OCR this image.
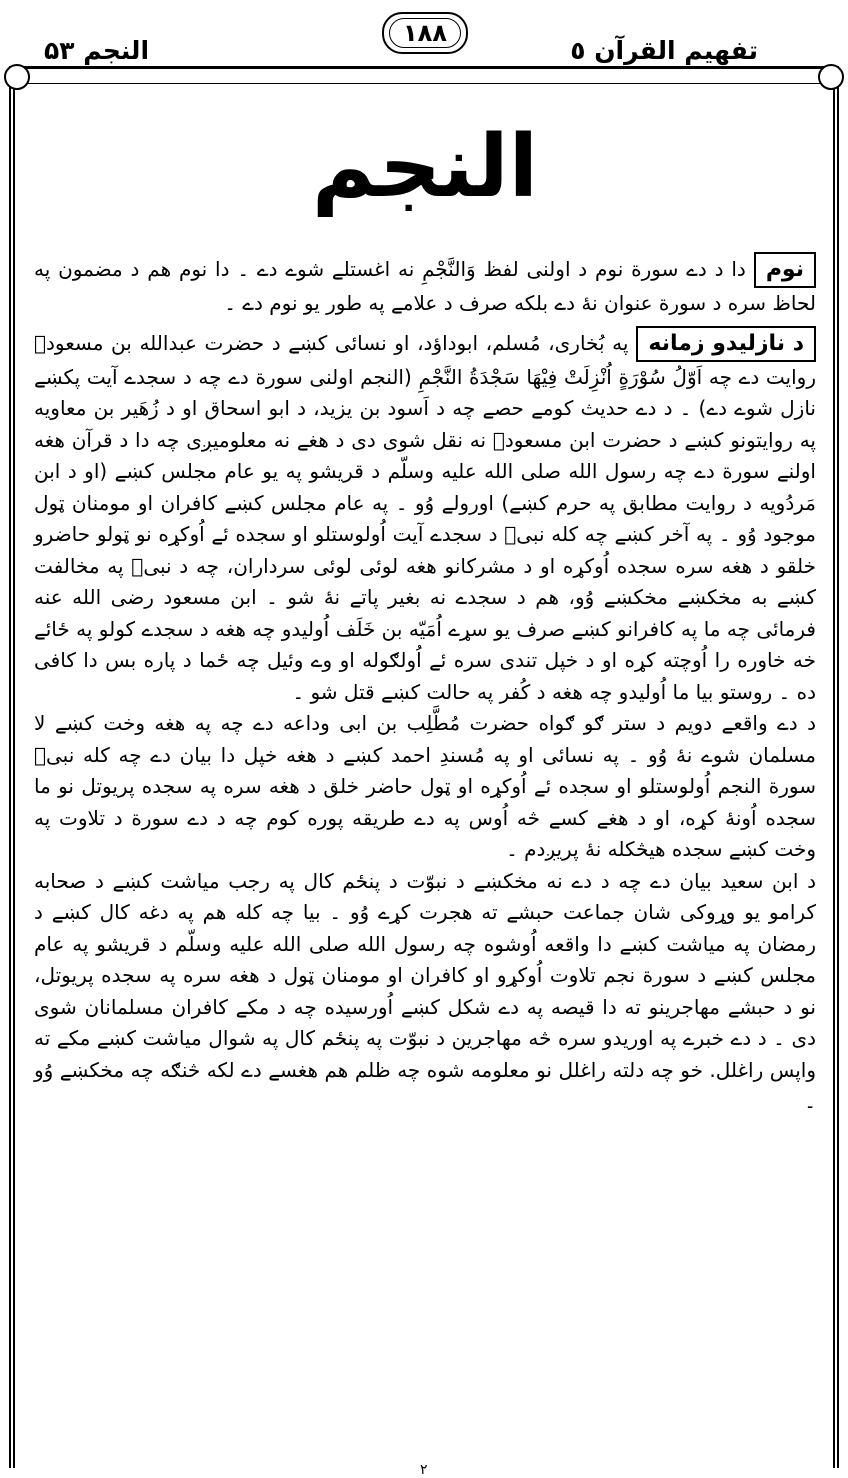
تفهیم القرآن ٥
١٨٨
النجم ۵۳
النجم

نومدا د دے سورة نوم د اولنی لفظ وَالنَّجْمِ نه اغستلے شوے دے ۔ دا نوم هم د مضمون په لحاظ سره د سورة عنوان نهٔ دے بلکه صرف د علامے په طور یو نوم دے ۔

د نازلیدو زمانهپه بُخاری، مُسلم، ابوداؤد، او نسائی کښے د حضرت عبدالله بن مسعودؓ روایت دے چه اَوّلُ سُوْرَةٍ اُنْزِلَتْ فِيْهَا سَجْدَةُ النَّجْمِ (النجم اولنی سورة دے چه د سجدے آیت پکښے نازل شوے دے) ۔ د دے حدیث کومے حصے چه د اَسود بن یزید، د ابو اسحاق او د زُهَیر بن معاویه په روایتونو کښے د حضرت ابن مسعودؓ نه نقل شوی دی د هغے نه معلومیږی چه دا د قرآن هغه اولنے سورة دے چه رسول الله صلی الله علیه وسلّم د قریشو په یو عام مجلس کښے (او د ابن مَردُویه د روایت مطابق په حرم کښے) اورولے وُو ۔ په عام مجلس کښے کافران او مومنان ټول موجود وُو ۔ په آخر کښے چه کله نبیؐ د سجدے آیت اُولوستلو او سجده ئے اُوکړه نو ټولو حاضرو خلقو د هغه سره سجده اُوکړه او د مشرکانو هغه لوئی لوئی سرداران، چه د نبیؐ په مخالفت کښے به مخکښے مخکښے وُو، هم د سجدے نه بغیر پاتے نهٔ شو ۔ ابن مسعود رضی الله عنه فرمائی چه ما په کافرانو کښے صرف یو سړے اُمَیّه بن خَلَف اُولیدو چه هغه د سجدے کولو په ځائے خه خاوره را اُوچته کړه او د خپل تندی سره ئے اُولګوله او وے وئیل چه ځما د پاره بس دا کافی ده ۔ روستو بیا ما اُولیدو چه هغه د کُفر په حالت کښے قتل شو ۔

د دے واقعے دویم د ستر ګو ګواه حضرت مُطَّلِب بن ابی وداعه دے چه په هغه وخت کښے لا مسلمان شوے نهٔ وُو ۔ په نسائی او په مُسندِ احمد کښے د هغه خپل دا بیان دے چه کله نبیؐ سورة النجم اُولوستلو او سجده ئے اُوکړه او ټول حاضر خلق د هغه سره په سجده پریوتل نو ما سجده اُونهٔ کړه، او د هغے کسے څه اُوس په دے طریقه پوره کوم چه د دے سورة د تلاوت په وخت کښے سجده هیڅکله نهٔ پریږدم ۔

د ابن سعید بیان دے چه د دے نه مخکښے د نبوّت د پنځم کال په رجب میاشت کښے د صحابه کرامو یو وړوکی شان جماعت حبشے ته هجرت کړے وُو ۔ بیا چه کله هم په دغه کال کښے د رمضان په میاشت کښے دا واقعه اُوشوه چه رسول الله صلی الله علیه وسلّم د قریشو په عام مجلس کښے د سورة نجم تلاوت اُوکړو او کافران او مومنان ټول د هغه سره په سجده پریوتل، نو د حبشے مهاجرینو ته دا قیصه په دے شکل کښے اُورسیده چه د مکے کافران مسلمانان شوی دی ۔ د دے خبرے په اوریدو سره څه مهاجرین د نبوّت په پنځم کال په شوال میاشت کښے مکے ته واپس راغلل. خو چه دلته راغلل نو معلومه شوه چه ظلم هم هغسے دے لکه څنګه چه مخکښے وُو ۔

۲
